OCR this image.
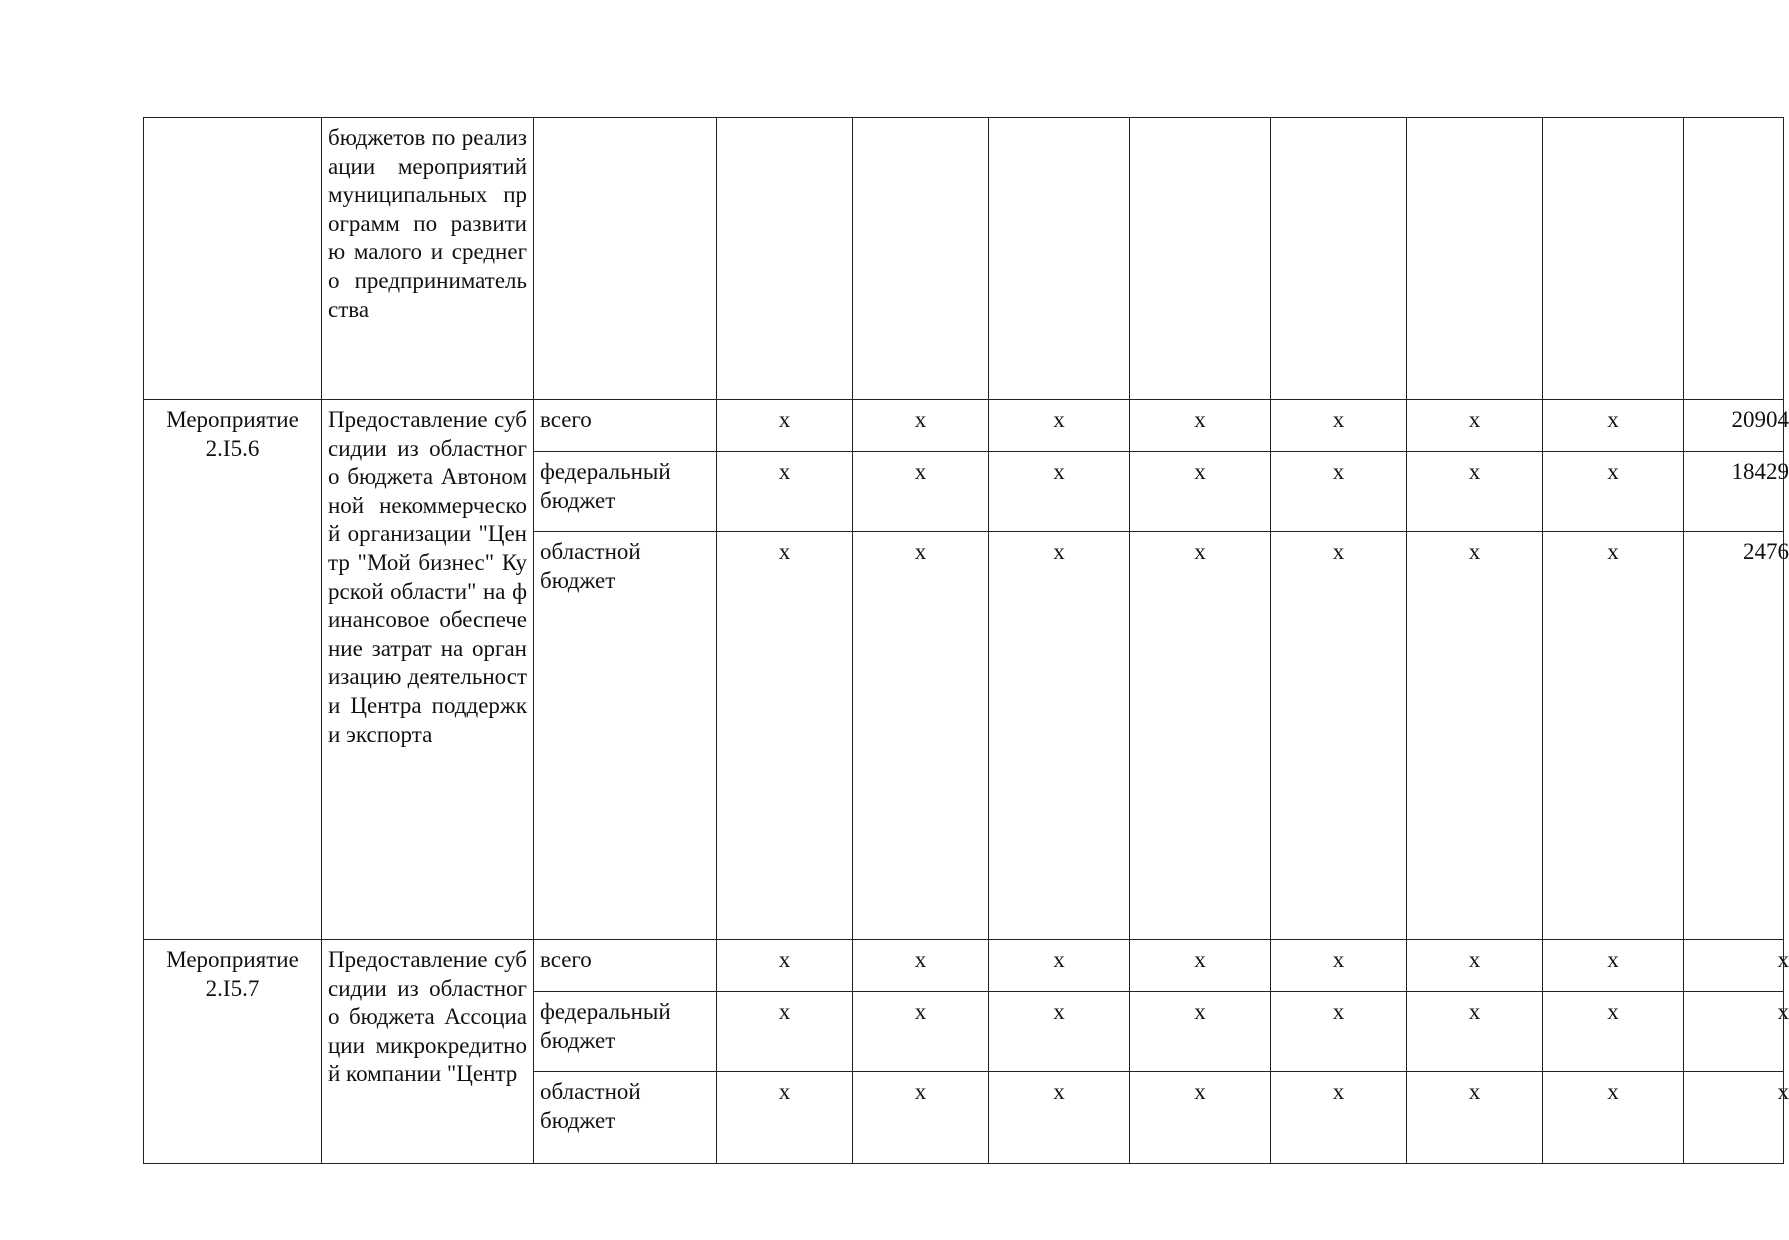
	бюджетов по реализации мероприятий муниципальных программ по развитию малого и среднего предпринимательства									
Мероприятие 2.I5.6	Предоставление субсидии из областного бюджета Автономной некоммерческой организации "Центр "Мой бизнес" Курской области" на финансовое обеспечение затрат на организацию деятельности Центра поддержки экспорта	всего	х	х	х	х	х	х	х	20904
		федеральный бюджет	х	х	х	х	х	х	х	18429
		областной бюджет	х	х	х	х	х	х	х	2476
Мероприятие 2.I5.7	Предоставление субсидии из областного бюджета Ассоциации микрокредитной компании "Центр	всего	х	х	х	х	х	х	х	х
		федеральный бюджет	х	х	х	х	х	х	х	х
		областной бюджет	х	х	х	х	х	х	х	х
